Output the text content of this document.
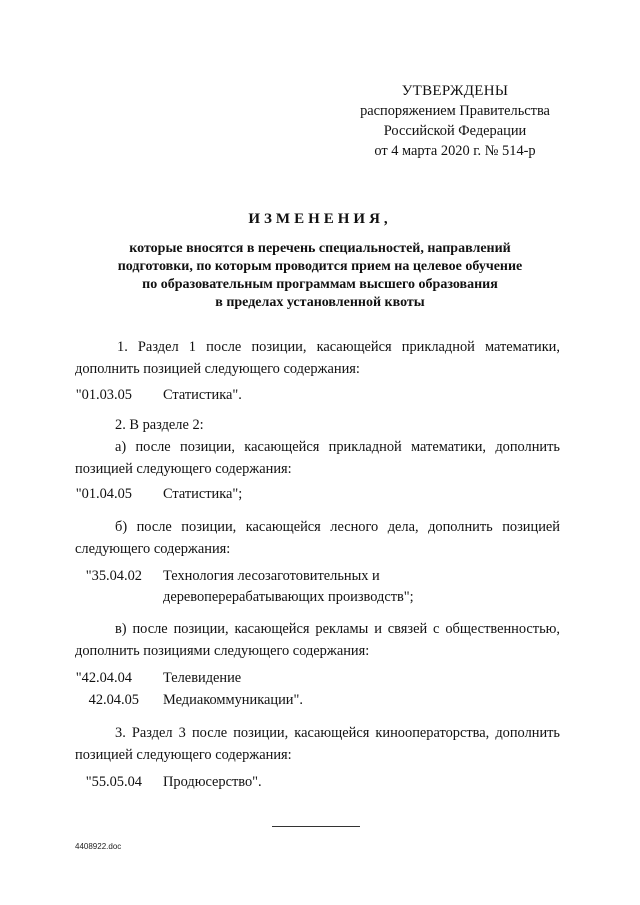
УТВЕРЖДЕНЫ
распоряжением Правительства
Российской Федерации
от 4 марта 2020 г. № 514-р
ИЗМЕНЕНИЯ,
которые вносятся в перечень специальностей, направлений
подготовки, по которым проводится прием на целевое обучение
по образовательным программам высшего образования
в пределах установленной квоты
1. Раздел 1 после позиции, касающейся прикладной математики,
дополнить позицией следующего содержания:
"01.03.05 Статистика".
2. В разделе 2:
а) после позиции, касающейся прикладной математики, дополнить
позицией следующего содержания:
"01.04.05 Статистика";
б) после позиции, касающейся лесного дела, дополнить позицией
следующего содержания:
"35.04.02 Технология лесозаготовительных и
деревоперерабатывающих производств";
в) после позиции, касающейся рекламы и связей с общественностью,
дополнить позициями следующего содержания:
"42.04.04 Телевидение
42.04.05 Медиакоммуникации".
3. Раздел 3 после позиции, касающейся кинооператорства, дополнить
позицией следующего содержания:
"55.05.04 Продюсерство".
4408922.doc
